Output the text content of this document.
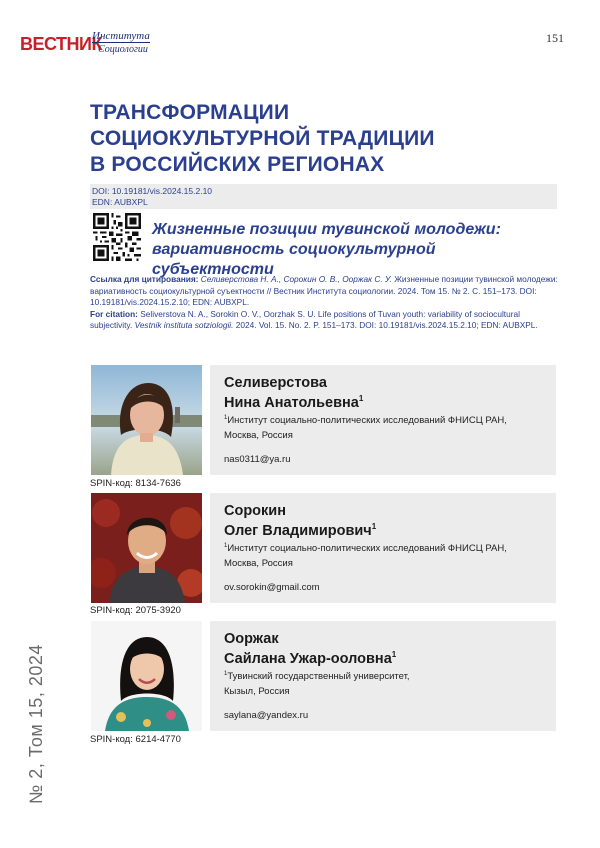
ВЕСТНИК
Института
Социологии
151
ТРАНСФОРМАЦИИ
СОЦИОКУЛЬТУРНОЙ ТРАДИЦИИ
В РОССИЙСКИХ РЕГИОНАХ
DOI: 10.19181/vis.2024.15.2.10
EDN: AUBXPL
Жизненные позиции тувинской молодежи:
вариативность социокультурной субъектности
Ссылка для цитирования: Селиверстова Н. А., Сорокин О. В., Ооржак С. У. Жизненные позиции тувинской молодежи: вариативность социокультурной суъектности // Вестник Института социологии. 2024. Том 15. № 2. С. 151–173. DOI: 10.19181/vis.2024.15.2.10; EDN: AUBXPL.
For citation: Seliverstova N. A., Sorokin O. V., Oorzhak S. U. Life positions of Tuvan youth: variability of sociocultural subjectivity. Vestnik instituta sotziologii. 2024. Vol. 15. No. 2. P. 151–173. DOI: 10.19181/vis.2024.15.2.10; EDN: AUBXPL.
SPIN-код: 8134-7636
Селиверстова
Нина Анатольевна$^1$
$^1$Институт социально-политических исследований ФНИСЦ РАН,
Москва, Россия
nas0311@ya.ru
SPIN-код: 2075-3920
Сорокин
Олег Владимирович$^1$
$^1$Институт социально-политических исследований ФНИСЦ РАН,
Москва, Россия
ov.sorokin@gmail.com
SPIN-код: 6214-4770
Ооржак
Сайлана Ужар-ооловна$^1$
$^1$Тувинский государственный университет,
Кызыл, Россия
saylana@yandex.ru
№ 2, Том 15, 2024
